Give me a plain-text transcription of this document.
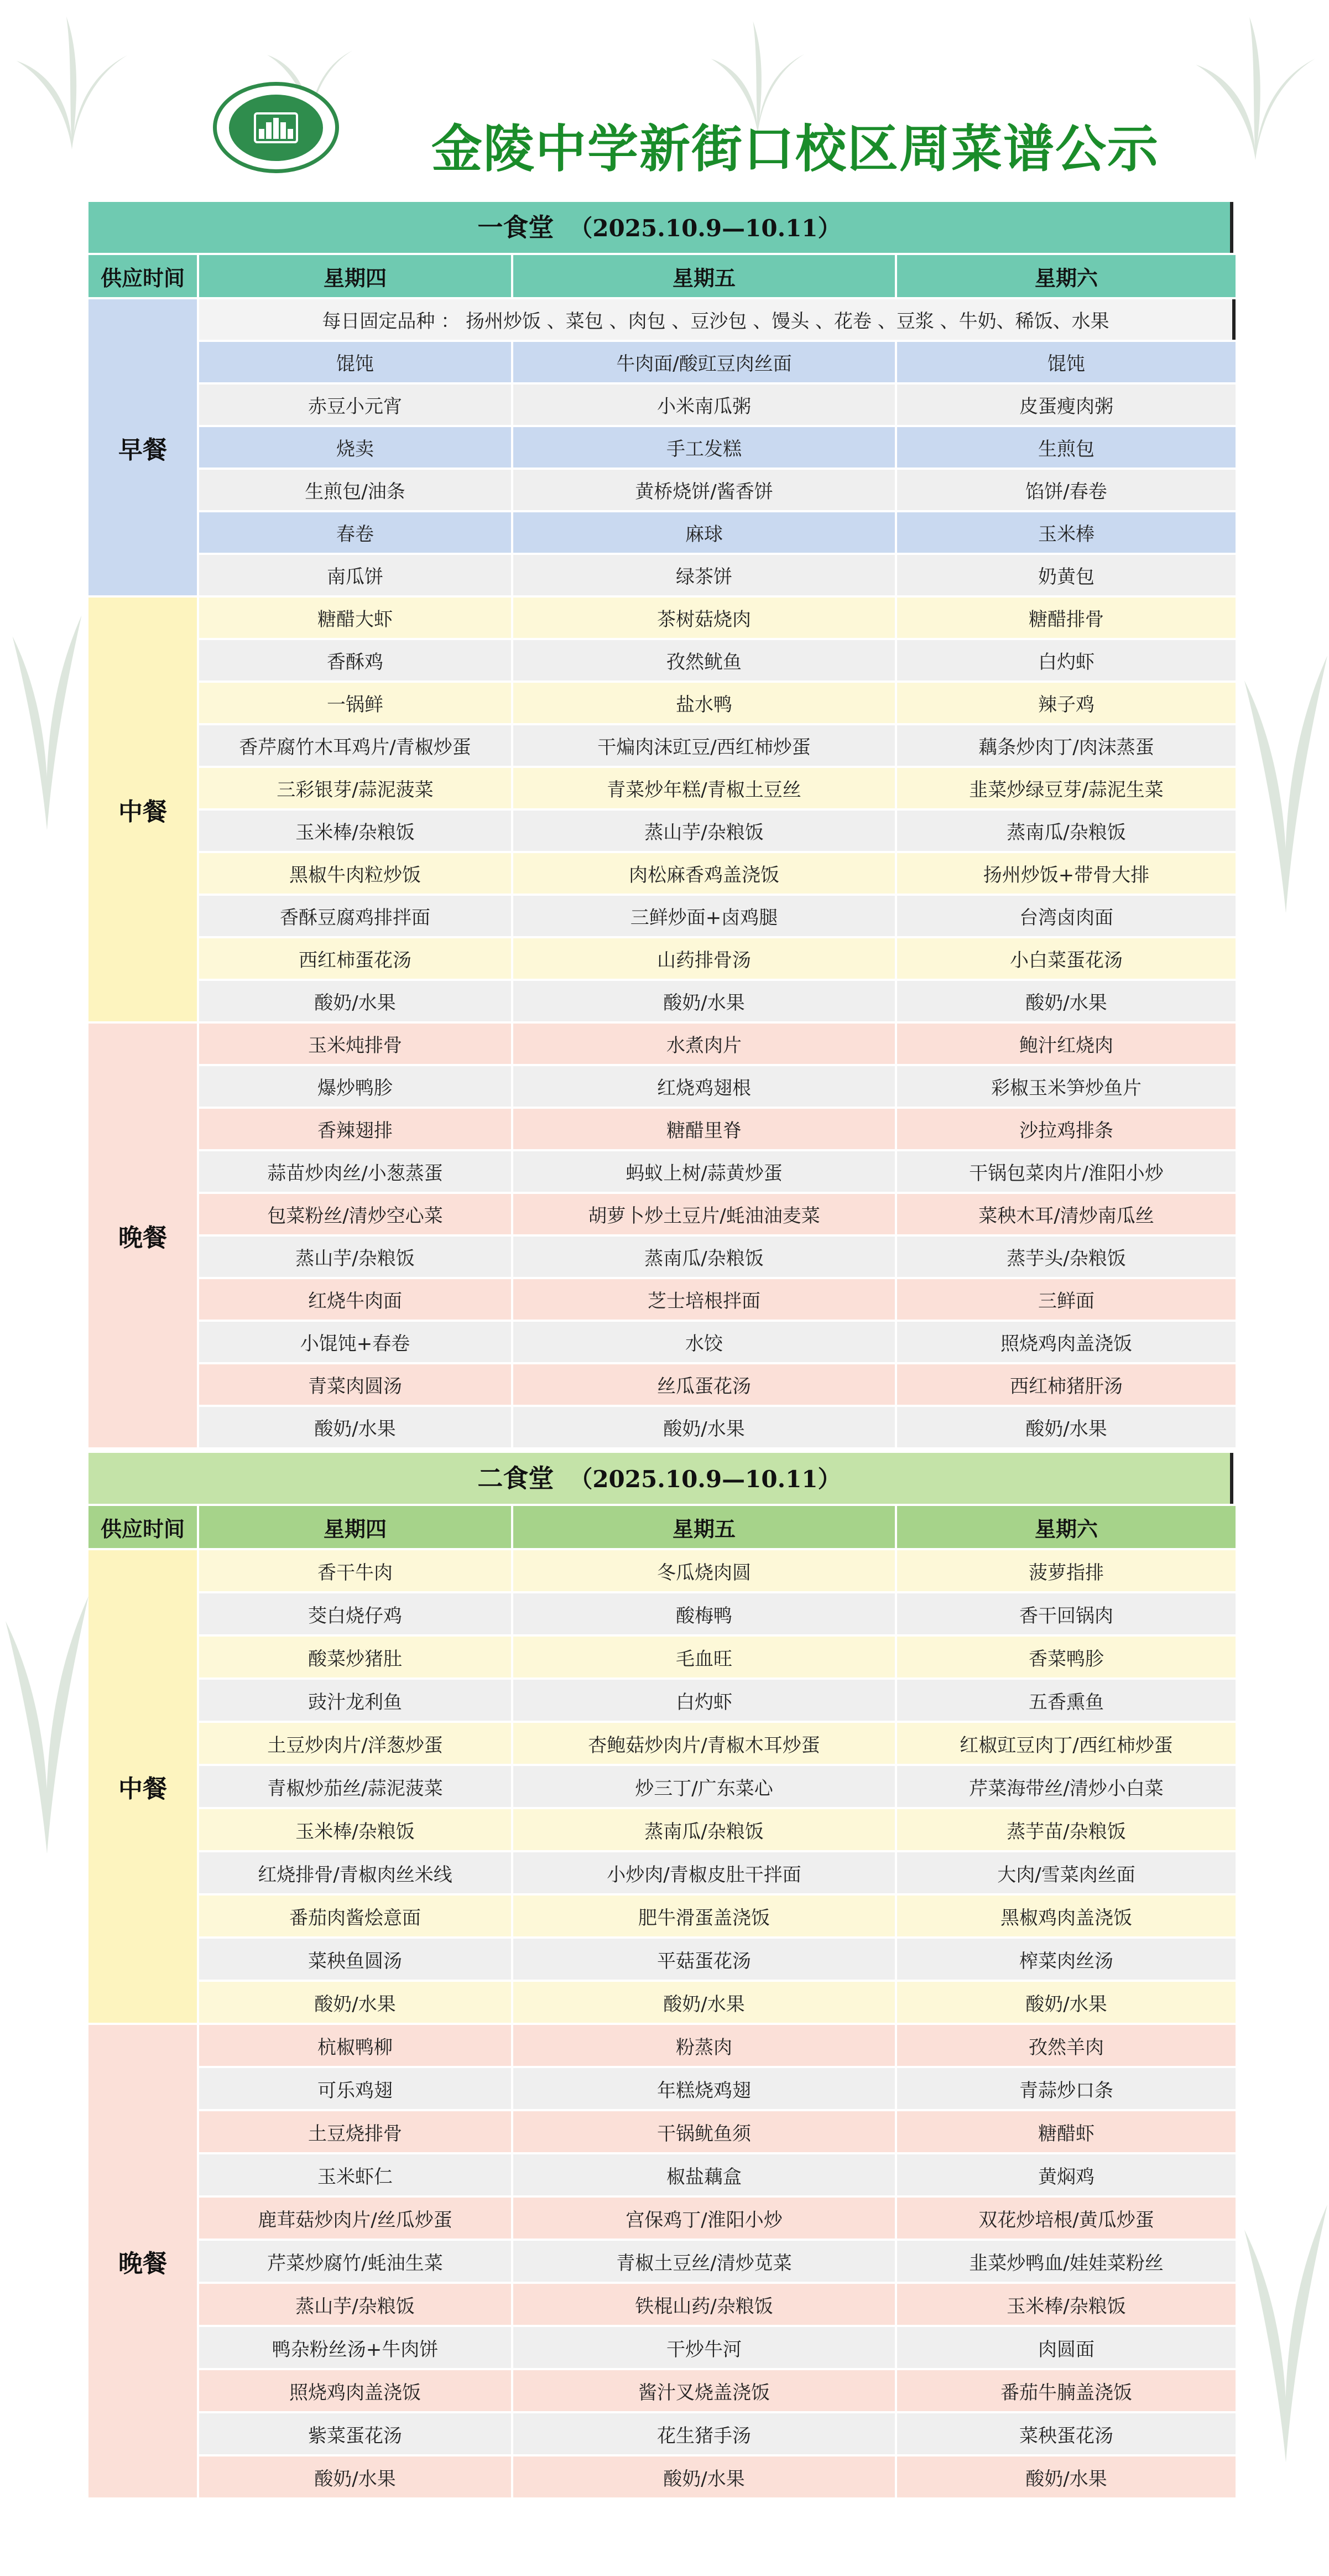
金陵中学新街口校区周菜谱公示
一食堂 （2025.10.9—10.11）
供应时间	星期四	星期五	星期六
早餐	每日固定品种 ： 扬州炒饭 、菜包 、肉包 、豆沙包 、馒头 、花卷 、豆浆 、牛奶、稀饭、水果		
	馄饨	牛肉面/酸豇豆肉丝面	馄饨
	赤豆小元宵	小米南瓜粥	皮蛋瘦肉粥
	烧卖	手工发糕	生煎包
	生煎包/油条	黄桥烧饼/酱香饼	馅饼/春卷
	春卷	麻球	玉米棒
	南瓜饼	绿茶饼	奶黄包
中餐	糖醋大虾	茶树菇烧肉	糖醋排骨
	香酥鸡	孜然鱿鱼	白灼虾
	一锅鲜	盐水鸭	辣子鸡
	香芹腐竹木耳鸡片/青椒炒蛋	干煸肉沫豇豆/西红柿炒蛋	藕条炒肉丁/肉沫蒸蛋
	三彩银芽/蒜泥菠菜	青菜炒年糕/青椒土豆丝	韭菜炒绿豆芽/蒜泥生菜
	玉米棒/杂粮饭	蒸山芋/杂粮饭	蒸南瓜/杂粮饭
	黑椒牛肉粒炒饭	肉松麻香鸡盖浇饭	扬州炒饭+带骨大排
	香酥豆腐鸡排拌面	三鲜炒面+卤鸡腿	台湾卤肉面
	西红柿蛋花汤	山药排骨汤	小白菜蛋花汤
	酸奶/水果	酸奶/水果	酸奶/水果
晚餐	玉米炖排骨	水煮肉片	鲍汁红烧肉
	爆炒鸭胗	红烧鸡翅根	彩椒玉米笋炒鱼片
	香辣翅排	糖醋里脊	沙拉鸡排条
	蒜苗炒肉丝/小葱蒸蛋	蚂蚁上树/蒜黄炒蛋	干锅包菜肉片/淮阳小炒
	包菜粉丝/清炒空心菜	胡萝卜炒土豆片/蚝油油麦菜	菜秧木耳/清炒南瓜丝
	蒸山芋/杂粮饭	蒸南瓜/杂粮饭	蒸芋头/杂粮饭
	红烧牛肉面	芝士培根拌面	三鲜面
	小馄饨+春卷	水饺	照烧鸡肉盖浇饭
	青菜肉圆汤	丝瓜蛋花汤	西红柿猪肝汤
	酸奶/水果	酸奶/水果	酸奶/水果
二食堂 （2025.10.9—10.11）
供应时间	星期四	星期五	星期六
中餐	香干牛肉	冬瓜烧肉圆	菠萝指排
	茭白烧仔鸡	酸梅鸭	香干回锅肉
	酸菜炒猪肚	毛血旺	香菜鸭胗
	豉汁龙利鱼	白灼虾	五香熏鱼
	土豆炒肉片/洋葱炒蛋	杏鲍菇炒肉片/青椒木耳炒蛋	红椒豇豆肉丁/西红柿炒蛋
	青椒炒茄丝/蒜泥菠菜	炒三丁/广东菜心	芹菜海带丝/清炒小白菜
	玉米棒/杂粮饭	蒸南瓜/杂粮饭	蒸芋苗/杂粮饭
	红烧排骨/青椒肉丝米线	小炒肉/青椒皮肚干拌面	大肉/雪菜肉丝面
	番茄肉酱烩意面	肥牛滑蛋盖浇饭	黑椒鸡肉盖浇饭
	菜秧鱼圆汤	平菇蛋花汤	榨菜肉丝汤
	酸奶/水果	酸奶/水果	酸奶/水果
晚餐	杭椒鸭柳	粉蒸肉	孜然羊肉
	可乐鸡翅	年糕烧鸡翅	青蒜炒口条
	土豆烧排骨	干锅鱿鱼须	糖醋虾
	玉米虾仁	椒盐藕盒	黄焖鸡
	鹿茸菇炒肉片/丝瓜炒蛋	宫保鸡丁/淮阳小炒	双花炒培根/黄瓜炒蛋
	芹菜炒腐竹/蚝油生菜	青椒土豆丝/清炒苋菜	韭菜炒鸭血/娃娃菜粉丝
	蒸山芋/杂粮饭	铁棍山药/杂粮饭	玉米棒/杂粮饭
	鸭杂粉丝汤+牛肉饼	干炒牛河	肉圆面
	照烧鸡肉盖浇饭	酱汁叉烧盖浇饭	番茄牛腩盖浇饭
	紫菜蛋花汤	花生猪手汤	菜秧蛋花汤
	酸奶/水果	酸奶/水果	酸奶/水果
